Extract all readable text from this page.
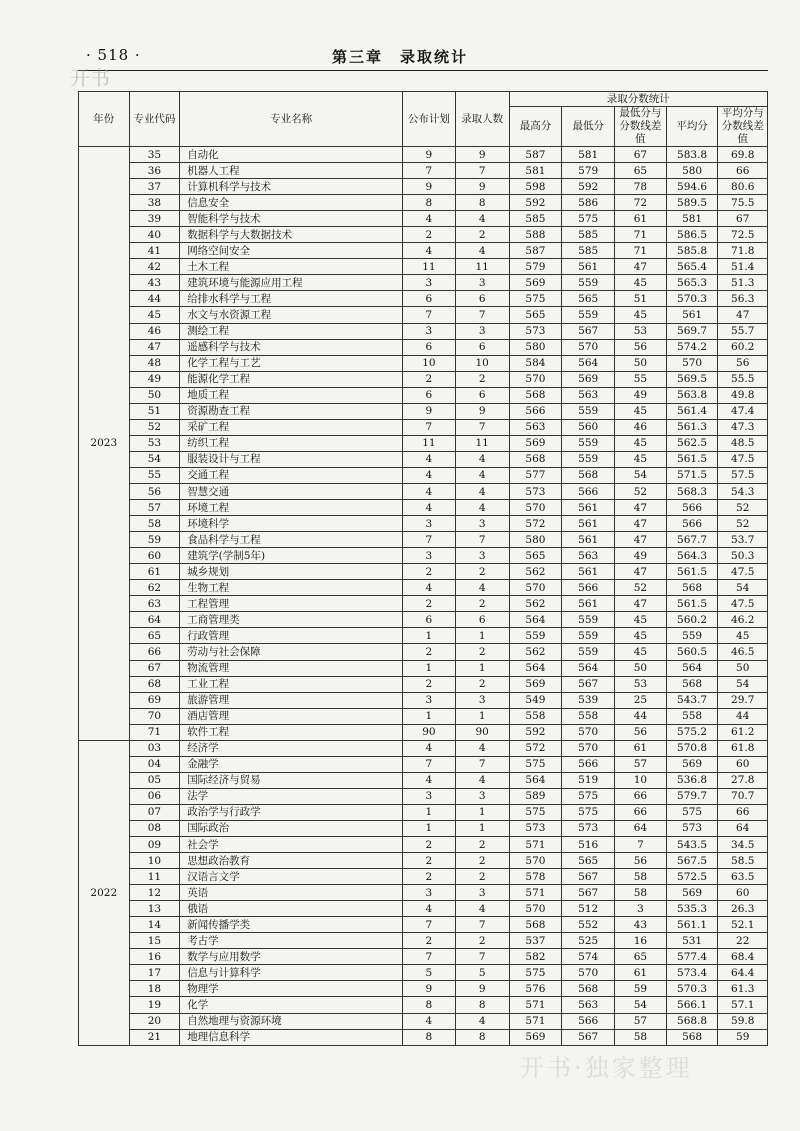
· 518 ·	第三章　录取统计
开书
年份	专业代码	专业名称	公布计划	录取人数	录取分数统计				
					最高分	最低分	最低分与分数线差值	平均分	平均分与分数线差值
2023	35	自动化	9	9	587	581	67	583.8	69.8
	36	机器人工程	7	7	581	579	65	580	66
	37	计算机科学与技术	9	9	598	592	78	594.6	80.6
	38	信息安全	8	8	592	586	72	589.5	75.5
	39	智能科学与技术	4	4	585	575	61	581	67
	40	数据科学与大数据技术	2	2	588	585	71	586.5	72.5
	41	网络空间安全	4	4	587	585	71	585.8	71.8
	42	土木工程	11	11	579	561	47	565.4	51.4
	43	建筑环境与能源应用工程	3	3	569	559	45	565.3	51.3
	44	给排水科学与工程	6	6	575	565	51	570.3	56.3
	45	水文与水资源工程	7	7	565	559	45	561	47
	46	测绘工程	3	3	573	567	53	569.7	55.7
	47	遥感科学与技术	6	6	580	570	56	574.2	60.2
	48	化学工程与工艺	10	10	584	564	50	570	56
	49	能源化学工程	2	2	570	569	55	569.5	55.5
	50	地质工程	6	6	568	563	49	563.8	49.8
	51	资源勘查工程	9	9	566	559	45	561.4	47.4
	52	采矿工程	7	7	563	560	46	561.3	47.3
	53	纺织工程	11	11	569	559	45	562.5	48.5
	54	服装设计与工程	4	4	568	559	45	561.5	47.5
	55	交通工程	4	4	577	568	54	571.5	57.5
	56	智慧交通	4	4	573	566	52	568.3	54.3
	57	环境工程	4	4	570	561	47	566	52
	58	环境科学	3	3	572	561	47	566	52
	59	食品科学与工程	7	7	580	561	47	567.7	53.7
	60	建筑学(学制5年)	3	3	565	563	49	564.3	50.3
	61	城乡规划	2	2	562	561	47	561.5	47.5
	62	生物工程	4	4	570	566	52	568	54
	63	工程管理	2	2	562	561	47	561.5	47.5
	64	工商管理类	6	6	564	559	45	560.2	46.2
	65	行政管理	1	1	559	559	45	559	45
	66	劳动与社会保障	2	2	562	559	45	560.5	46.5
	67	物流管理	1	1	564	564	50	564	50
	68	工业工程	2	2	569	567	53	568	54
	69	旅游管理	3	3	549	539	25	543.7	29.7
	70	酒店管理	1	1	558	558	44	558	44
	71	软件工程	90	90	592	570	56	575.2	61.2
2022	03	经济学	4	4	572	570	61	570.8	61.8
	04	金融学	7	7	575	566	57	569	60
	05	国际经济与贸易	4	4	564	519	10	536.8	27.8
	06	法学	3	3	589	575	66	579.7	70.7
	07	政治学与行政学	1	1	575	575	66	575	66
	08	国际政治	1	1	573	573	64	573	64
	09	社会学	2	2	571	516	7	543.5	34.5
	10	思想政治教育	2	2	570	565	56	567.5	58.5
	11	汉语言文学	2	2	578	567	58	572.5	63.5
	12	英语	3	3	571	567	58	569	60
	13	俄语	4	4	570	512	3	535.3	26.3
	14	新闻传播学类	7	7	568	552	43	561.1	52.1
	15	考古学	2	2	537	525	16	531	22
	16	数学与应用数学	7	7	582	574	65	577.4	68.4
	17	信息与计算科学	5	5	575	570	61	573.4	64.4
	18	物理学	9	9	576	568	59	570.3	61.3
	19	化学	8	8	571	563	54	566.1	57.1
	20	自然地理与资源环境	4	4	571	566	57	568.8	59.8
	21	地理信息科学	8	8	569	567	58	568	59
开书·独家整理
